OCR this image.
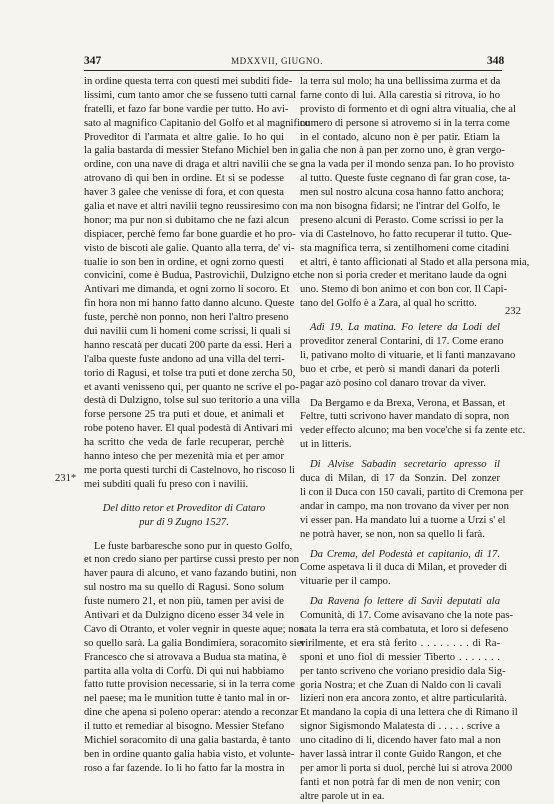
347	MDXXVII, GIUGNO.	348
231*
232
in ordine questa terra con questi mei subditi fide-
lissimi, cum tanto amor che se fusseno tutti carnal
fratelli, et fazo far bone vardie per tutto. Ho avi-
sato al magnifico Capitanio del Golfo et al magnifico
Proveditor di l'armata et altre galie. Io ho qui
la galia bastarda di messier Stefano Michiel ben in
ordine, con una nave di draga et altri navilii che se
atrovano di qui ben in ordine. Et si se podesse
haver 3 galee che venisse di fora, et con questa
galia et nave et altri navilii tegno reussiresimo con
honor; ma pur non si dubitamo che ne fazi alcun
dispiacer, perchè femo far bone guardie et ho pro-
visto de biscoti ale galie. Quanto alla terra, de' vi-
tualie io son ben in ordine, et ogni zorno questi
convicini, come è Budua, Pastrovichii, Dulzigno et
Antivari me dimanda, et ogni zorno li socoro. Et
fin hora non mi hanno fatto danno alcuno. Queste
fuste, perchè non ponno, non heri l'altro preseno
dui navilii cum li homeni come scrissi, li quali si
hanno rescatà per ducati 200 parte da essi. Heri a
l'alba queste fuste andono ad una villa del terri-
torio di Ragusi, et tolse tra puti et done zercha 50,
et avanti venisseno qui, per quanto ne scrive el po-
destà di Dulzigno, tolse sul suo teritorio a una villa
forse persone 25 tra puti et doue, et animali et
robe poteno haver. El qual podestà di Antivari mi
ha scritto che veda de farle recuperar, perchè
hanno inteso che per mezenità mia et per amor
me porta questi turchi di Castelnovo, ho riscoso li
mei subditi quali fu preso con i navilii.
Del ditto retor et Proveditor di Cataro
pur di 9 Zugno 1527.
Le fuste barbaresche sono pur in questo Golfo,
et non credo siano per partirse cussì presto per non
haver paura di alcuno, et vano fazando butini, non
sul nostro ma su quello di Ragusi. Sono solum
fuste numero 21, et non più, tamen per avisi de
Antivari et da Dulzigno diceno esser 34 vele in
Cavo di Otranto, et voler vegnir in queste aque; non
so quello sarà. La galia Bondimiera, soracomito sier
Francesco che si atrovava a Budua sta matina, è
partita alla volta di Corfù. Di qui nui habbiamo
fatto tutte provision necessarie, si in la terra come
nel paese; ma le munition tutte è tanto mal in or-
dine che apena si poleno operar: atendo a reconzar
il tutto et remediar al bisogno. Messier Stefano
Michiel soracomito di una galia bastarda, è tanto
ben in ordine quanto galia habia visto, et volunte-
roso a far fazende. Io li ho fatto far la mostra in
la terra sul molo; ha una bellissima zurma et da
farne conto di lui. Alla carestia si ritrova, io ho
provisto di formento et di ogni altra vitualia, che al
numero di persone si atrovemo si in la terra come
in el contado, alcuno non è per patir. Etiam la
galia che non à pan per zorno uno, è gran vergo-
gna la vada per il mondo senza pan. Io ho provisto
al tutto. Queste fuste cegnano di far gran cose, ta-
men sul nostro alcuna cosa hanno fatto anchora;
ma non bisogna fidarsi; ne l'intrar del Golfo, le
preseno alcuni di Perasto. Come scrissi io per la
via di Castelnovo, ho fatto recuperar il tutto. Que-
sta magnifica terra, si zentilhomeni come citadini
et altri, è tanto afficionati al Stado et alla persona mia,
che non si poria creder et meritano laude da ogni
uno. Stemo di bon animo et con bon cor. Il Capi-
tano del Golfo è a Zara, al qual ho scritto.
Adì 19. La matina. Fo letere da Lodi del
proveditor zeneral Contarini, di 17. Come erano
lì, pativano molto di vituarie, et li fanti manzavano
buo et crbe, et però si mandi danari da poterli
pagar azò posino col danaro trovar da viver.
Da Bergamo e da Brexa, Verona, et Bassan, et
Feltre, tutti scrivono haver mandato di sopra, non
veder effecto alcuno; ma ben voce'che si fa zente etc.
ut in litteris.
Di Alvise Sabadin secretario apresso il
duca di Milan, di 17 da Sonzin. Del zonzer
li con il Duca con 150 cavali, partito di Cremona per
andar in campo, ma non trovano da viver per non
vi esser pan. Ha mandato lui a tuorne a Urzi s' el
ne potrà haver, se non, non sa quello li farà.
Da Crema, del Podestà et capitanio, di 17.
Come aspetava li il duca di Milan, et proveder di
vituarie per il campo.
Da Ravena fo lettere di Savii deputati ala
Comunità, di 17. Come avisavano che la note pas-
sata la terra era stà combatuta, et loro si defeseno
virilmente, et era stà ferito . . . . . . . . di Ra-
sponi et uno fiol di messier Tiberto . . . . . . .
per tanto scriveno che voriano presidio dala Sig-
goria Nostra; et che Zuan di Naldo con li cavali
lizieri non era ancora zonto, et altre particularità.
Et mandano la copia di una lettera che di Rimano il
signor Sigismondo Malatesta di . . . . . scrive a
uno citadino di li, dicendo haver fato mal a non
haver lassà intrar il conte Guido Rangon, et che
per amor li porta si duol, perchè lui si atrova 2000
fanti et non potrà far di men de non venir; con
altre parole ut in ea.
